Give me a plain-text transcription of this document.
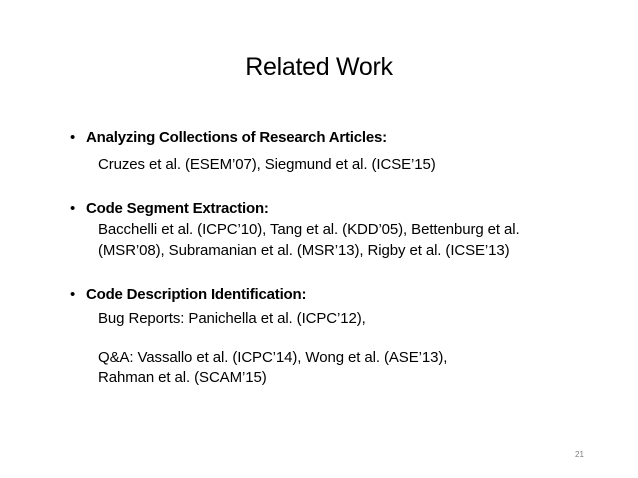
Related Work
• Analyzing Collections of Research Articles:
Cruzes et al. (ESEM’07), Siegmund et al. (ICSE’15)
• Code Segment Extraction:
Bacchelli et al. (ICPC’10), Tang et al. (KDD’05), Bettenburg et al.
(MSR’08), Subramanian et al. (MSR’13), Rigby et al. (ICSE’13)
• Code Description Identification:
Bug Reports: Panichella et al. (ICPC’12),
Q&A: Vassallo et al. (ICPC’14), Wong et al. (ASE’13),
Rahman et al. (SCAM’15)
21
